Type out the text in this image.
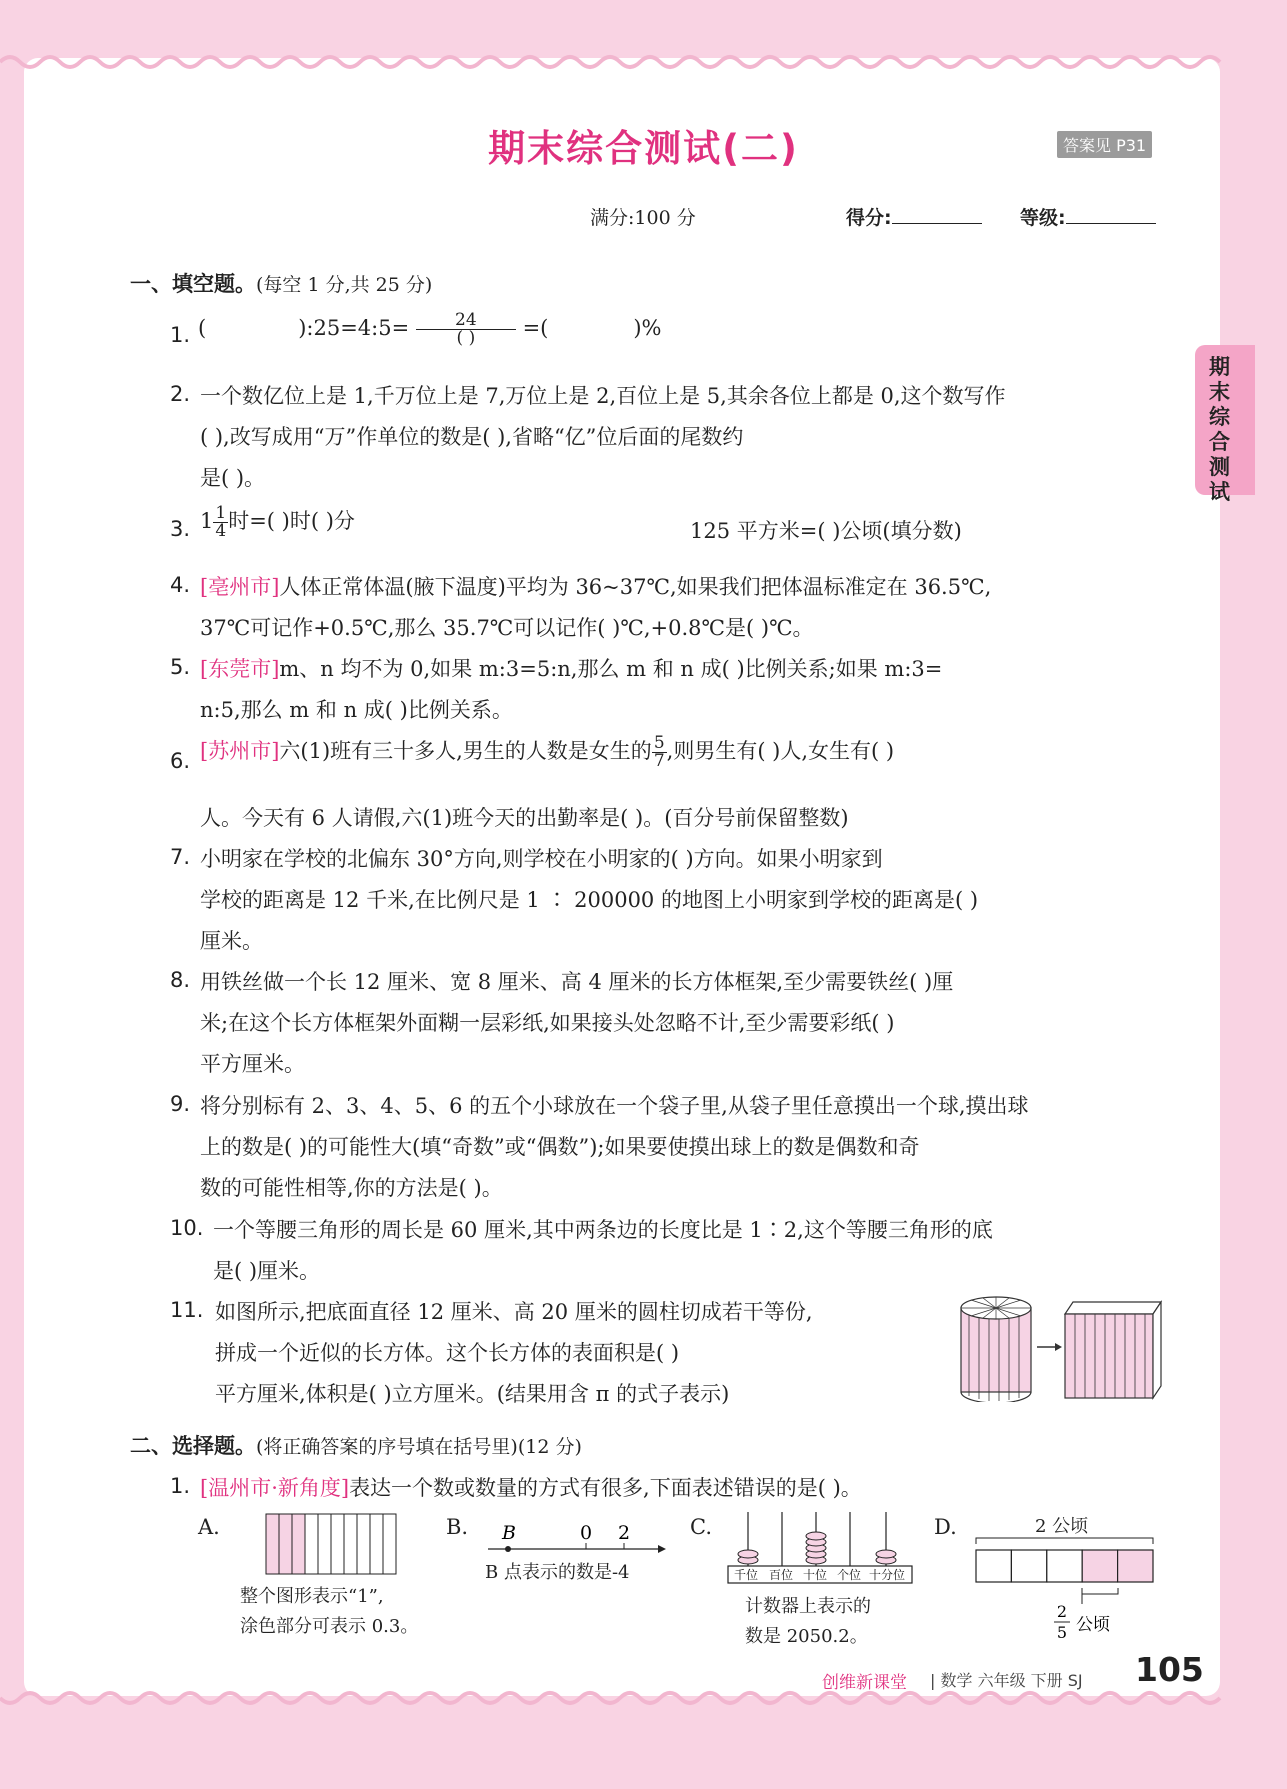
期末综合测试(二)	答案见 P31
期末综合测试
满分:100 分	得分:	等级:
一、填空题。(每空 1 分,共 25 分)
1. (	):25=4:5= $\frac{24}{( )}$ =(	)%
2. 一个数亿位上是 1,千万位上是 7,万位上是 2,百位上是 5,其余各位上都是 0,这个数写作
( ),改写成用“万”作单位的数是( ),省略“亿”位后面的尾数约
是( )。
3. $1 \frac{1}{4}$ 时=( )时( )分	125 平方米=( )公顷(填分数)
4. [亳州市]人体正常体温(腋下温度)平均为 36~37℃,如果我们把体温标准定在 36.5℃,
37℃可记作+0.5℃,那么 35.7℃可以记作( )℃,+0.8℃是( )℃。
5. [东莞市]m、n 均不为 0,如果 m:3=5:n,那么 m 和 n 成( )比例关系;如果 m:3=
n:5,那么 m 和 n 成( )比例关系。
6. [苏州市]六(1)班有三十多人,男生的人数是女生的 $\frac{5}{7}$ ,则男生有( )人,女生有( )
人。今天有 6 人请假,六(1)班今天的出勤率是( )。(百分号前保留整数)
7. 小明家在学校的北偏东 30°方向,则学校在小明家的( )方向。如果小明家到
学校的距离是 12 千米,在比例尺是 1 ∶ 200000 的地图上小明家到学校的距离是( )
厘米。
8. 用铁丝做一个长 12 厘米、宽 8 厘米、高 4 厘米的长方体框架,至少需要铁丝( )厘
米;在这个长方体框架外面糊一层彩纸,如果接头处忽略不计,至少需要彩纸( )
平方厘米。
9. 将分别标有 2、3、4、5、6 的五个小球放在一个袋子里,从袋子里任意摸出一个球,摸出球
上的数是( )的可能性大(填“奇数”或“偶数”);如果要使摸出球上的数是偶数和奇
数的可能性相等,你的方法是( )。
10. 一个等腰三角形的周长是 60 厘米,其中两条边的长度比是 1∶2,这个等腰三角形的底
是( )厘米。
11. 如图所示,把底面直径 12 厘米、高 20 厘米的圆柱切成若干等份,
拼成一个近似的长方体。这个长方体的表面积是( )
平方厘米,体积是( )立方厘米。(结果用含 π 的式子表示)
二、选择题。(将正确答案的序号填在括号里)(12 分)
1. [温州市·新角度]表达一个数或数量的方式有很多,下面表述错误的是( )。
A.
整个图形表示“1”,
涂色部分可表示 0.3。
B. B	0 2
B 点表示的数是-4
C.
千位 百位 十位 个位 十分位
计数器上表示的
数是 2050.2。
D.	2 公顷
2
5 公顷
创维新课堂 | 数学 六年级 下册 SJ 105
